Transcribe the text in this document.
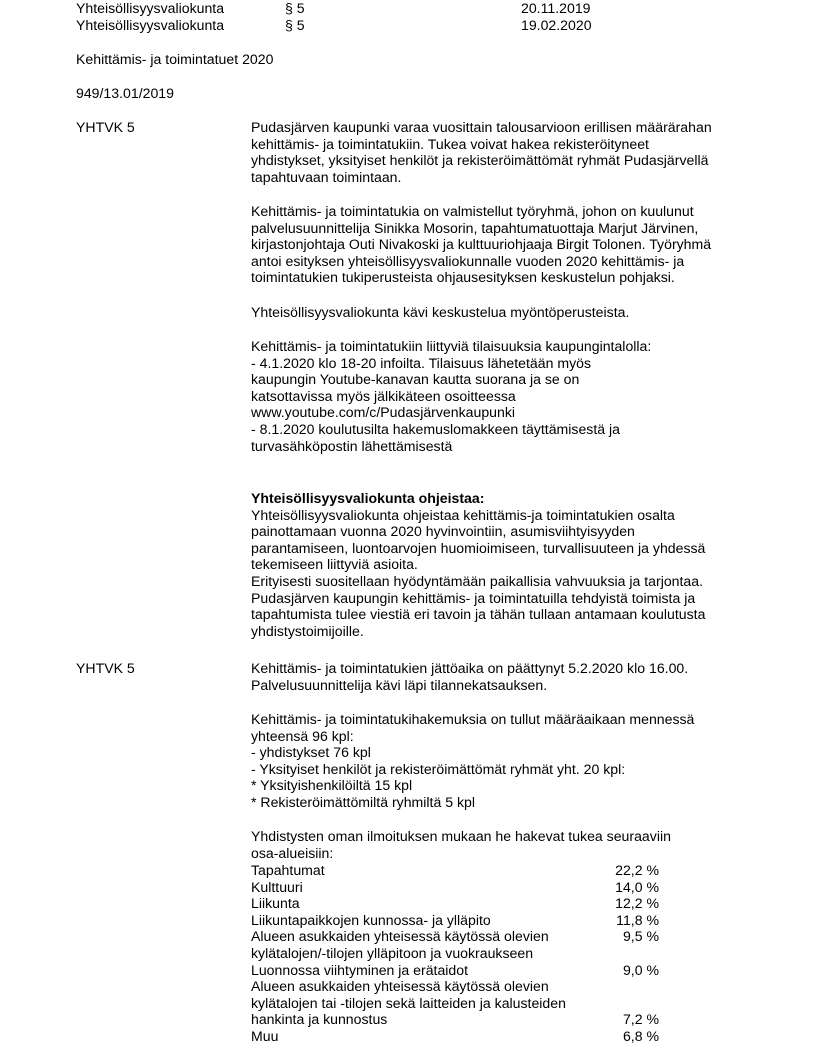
Yhteisöllisyysvaliokunta	§ 5	20.11.2019
Yhteisöllisyysvaliokunta	§ 5	19.02.2020
Kehittämis- ja toimintatuet 2020
949/13.01/2019
YHTVK 5	Pudasjärven kaupunki varaa vuosittain talousarvioon erillisen määrärahan

kehittämis- ja toimintatukiin. Tukea voivat hakea rekisteröityneet

yhdistykset, yksityiset henkilöt ja rekisteröimättömät ryhmät Pudasjärvellä

tapahtuvaan toimintaan.

Kehittämis- ja toimintatukia on valmistellut työryhmä, johon on kuulunut

palvelusuunnittelija Sinikka Mosorin, tapahtumatuottaja Marjut Järvinen,

kirjastonjohtaja Outi Nivakoski ja kulttuuriohjaaja Birgit Tolonen. Työryhmä

antoi esityksen yhteisöllisyysvaliokunnalle vuoden 2020 kehittämis- ja

toimintatukien tukiperusteista ohjausesityksen keskustelun pohjaksi.

Yhteisöllisyysvaliokunta kävi keskustelua myöntöperusteista.

Kehittämis- ja toimintatukiin liittyviä tilaisuuksia kaupungintalolla:

- 4.1.2020 klo 18-20 infoilta. Tilaisuus lähetetään myös

kaupungin Youtube-kanavan kautta suorana ja se on

katsottavissa myös jälkikäteen osoitteessa

www.youtube.com/c/Pudasjärvenkaupunki

- 8.1.2020 koulutusilta hakemuslomakkeen täyttämisestä ja

turvasähköpostin lähettämisestä

Yhteisöllisyysvaliokunta ohjeistaa:

Yhteisöllisyysvaliokunta ohjeistaa kehittämis-ja toimintatukien osalta

painottamaan vuonna 2020 hyvinvointiin, asumisviihtyisyyden

parantamiseen, luontoarvojen huomioimiseen, turvallisuuteen ja yhdessä

tekemiseen liittyviä asioita.

Erityisesti suositellaan hyödyntämään paikallisia vahvuuksia ja tarjontaa.

Pudasjärven kaupungin kehittämis- ja toimintatuilla tehdyistä toimista ja

tapahtumista tulee viestiä eri tavoin ja tähän tullaan antamaan koulutusta

yhdistystoimijoille.

YHTVK 5	Kehittämis- ja toimintatukien jättöaika on päättynyt 5.2.2020 klo 16.00.

Palvelusuunnittelija kävi läpi tilannekatsauksen.

Kehittämis- ja toimintatukihakemuksia on tullut määräaikaan mennessä

yhteensä 96 kpl:

- yhdistykset 76 kpl

- Yksityiset henkilöt ja rekisteröimättömät ryhmät yht. 20 kpl:

* Yksityishenkilöiltä 15 kpl

* Rekisteröimättömiltä ryhmiltä 5 kpl

Yhdistysten oman ilmoituksen mukaan he hakevat tukea seuraaviin

osa-alueisiin:

Tapahtumat	22,2 %
Kulttuuri	14,0 %
Liikunta	12,2 %
Liikuntapaikkojen kunnossa- ja ylläpito	11,8 %
Alueen asukkaiden yhteisessä käytössä olevien
kylätalojen/-tilojen ylläpitoon ja vuokraukseen
9,5 %
Luonnossa viihtyminen ja erätaidot	9,0 %
Alueen asukkaiden yhteisessä käytössä olevien
kylätalojen tai -tilojen sekä laitteiden ja kalusteiden
hankinta ja kunnostus	7,2 %
Muu	6,8 %
